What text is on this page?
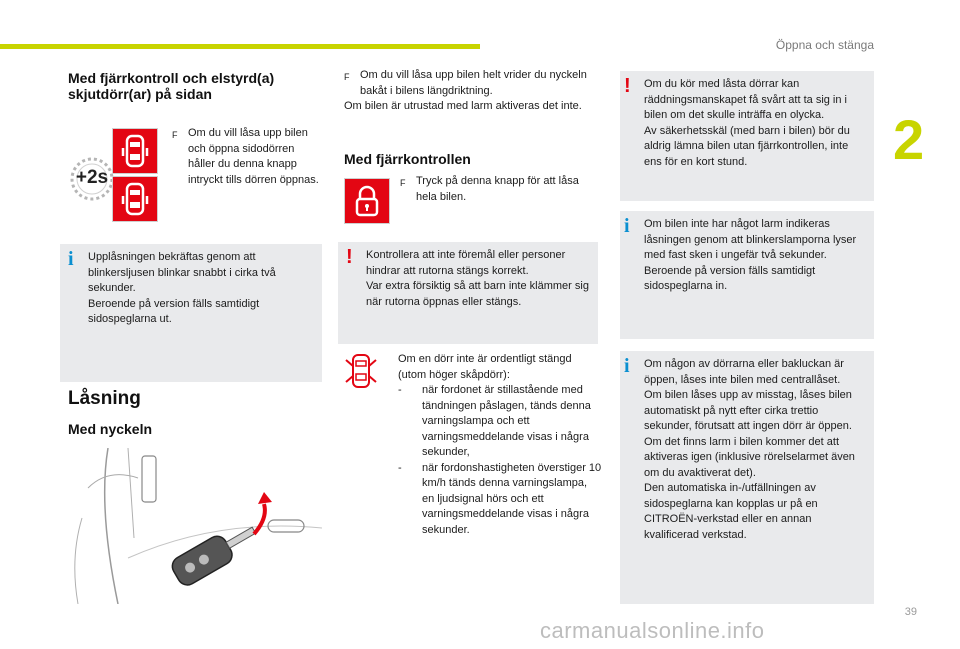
Öppna och stänga
2
Med fjärrkontroll och elstyrd(a)
skjutdörr(ar) på sidan
+2s
F Om du vill låsa upp bilen och öppna sidodörren håller du denna knapp intryckt tills dörren öppnas.
i	Upplåsningen bekräftas genom att blinkersljusen blinkar snabbt i cirka två sekunder.
Beroende på version fälls samtidigt sidospeglarna ut.
Låsning
Med nyckeln
F Om du vill låsa upp bilen helt vrider du nyckeln bakåt i bilens längdriktning.
Om bilen är utrustad med larm aktiveras det inte.
Med fjärrkontrollen
F Tryck på denna knapp för att låsa hela bilen.
!	Kontrollera att inte föremål eller personer hindrar att rutorna stängs korrekt.
Var extra försiktig så att barn inte klämmer sig när rutorna öppnas eller stängs.
Om en dörr inte är ordentligt stängd (utom höger skåpdörr):
-	när fordonet är stillastående med tändningen påslagen, tänds denna varningslampa och ett varningsmeddelande visas i några sekunder,
-	när fordonshastigheten överstiger 10 km/h tänds denna varningslampa, en ljudsignal hörs och ett varningsmeddelande visas i några sekunder.
!	Om du kör med låsta dörrar kan räddningsmanskapet få svårt att ta sig in i bilen om det skulle inträffa en olycka.
Av säkerhetsskäl (med barn i bilen) bör du aldrig lämna bilen utan fjärrkontrollen, inte ens för en kort stund.
i	Om bilen inte har något larm indikeras låsningen genom att blinkerslamporna lyser med fast sken i ungefär två sekunder.
Beroende på version fälls samtidigt sidospeglarna in.
i	Om någon av dörrarna eller bakluckan är öppen, låses inte bilen med centrallåset.
Om bilen låses upp av misstag, låses bilen automatiskt på nytt efter cirka trettio sekunder, förutsatt att ingen dörr är öppen.
Om det finns larm i bilen kommer det att aktiveras igen (inklusive rörelselarmet även om du avaktiverat det).
Den automatiska in-/utfällningen av sidospeglarna kan kopplas ur på en CITROËN-verkstad eller en annan kvalificerad verkstad.
39
carmanualsonline.info
